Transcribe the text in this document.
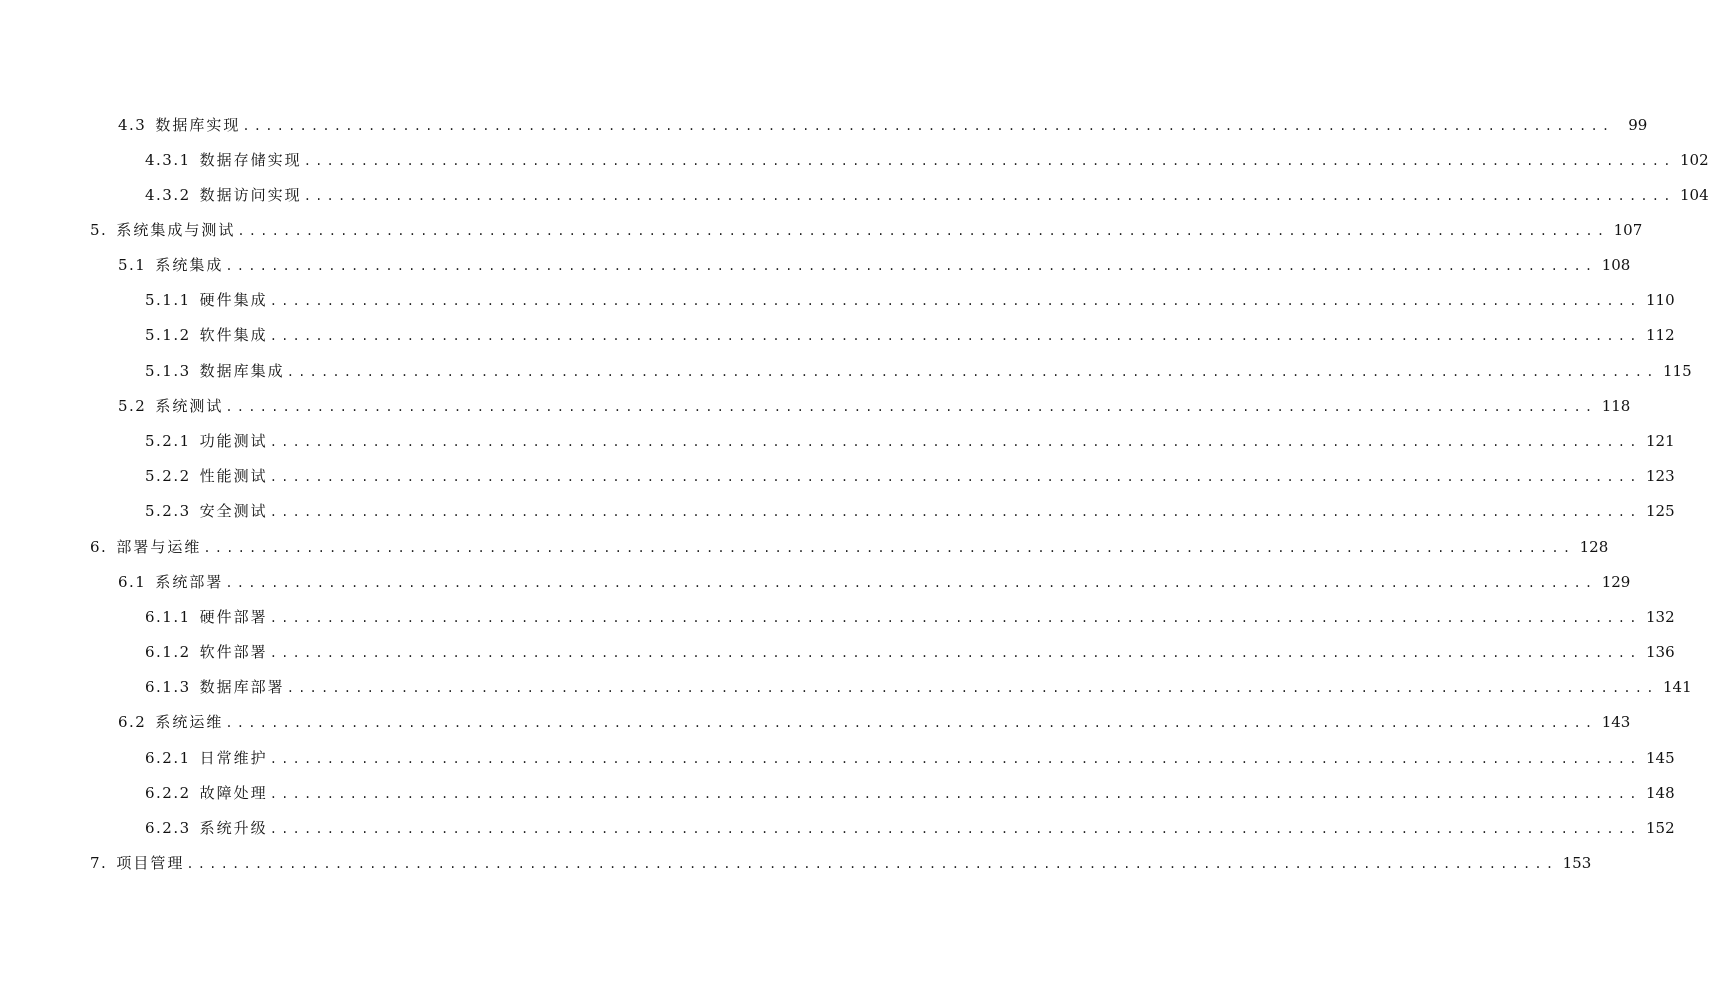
4.3 数据库实现 ........................................................................................................................ 99
4.3.1 数据存储实现 ........................................................................................................................ 102
4.3.2 数据访问实现 ........................................................................................................................ 104
5. 系统集成与测试 ........................................................................................................................ 107
5.1 系统集成 ........................................................................................................................ 108
5.1.1 硬件集成 ........................................................................................................................ 110
5.1.2 软件集成 ........................................................................................................................ 112
5.1.3 数据库集成 ........................................................................................................................ 115
5.2 系统测试 ........................................................................................................................ 118
5.2.1 功能测试 ........................................................................................................................ 121
5.2.2 性能测试 ........................................................................................................................ 123
5.2.3 安全测试 ........................................................................................................................ 125
6. 部署与运维 ........................................................................................................................ 128
6.1 系统部署 ........................................................................................................................ 129
6.1.1 硬件部署 ........................................................................................................................ 132
6.1.2 软件部署 ........................................................................................................................ 136
6.1.3 数据库部署 ........................................................................................................................ 141
6.2 系统运维 ........................................................................................................................ 143
6.2.1 日常维护 ........................................................................................................................ 145
6.2.2 故障处理 ........................................................................................................................ 148
6.2.3 系统升级 ........................................................................................................................ 152
7. 项目管理 ........................................................................................................................ 153
